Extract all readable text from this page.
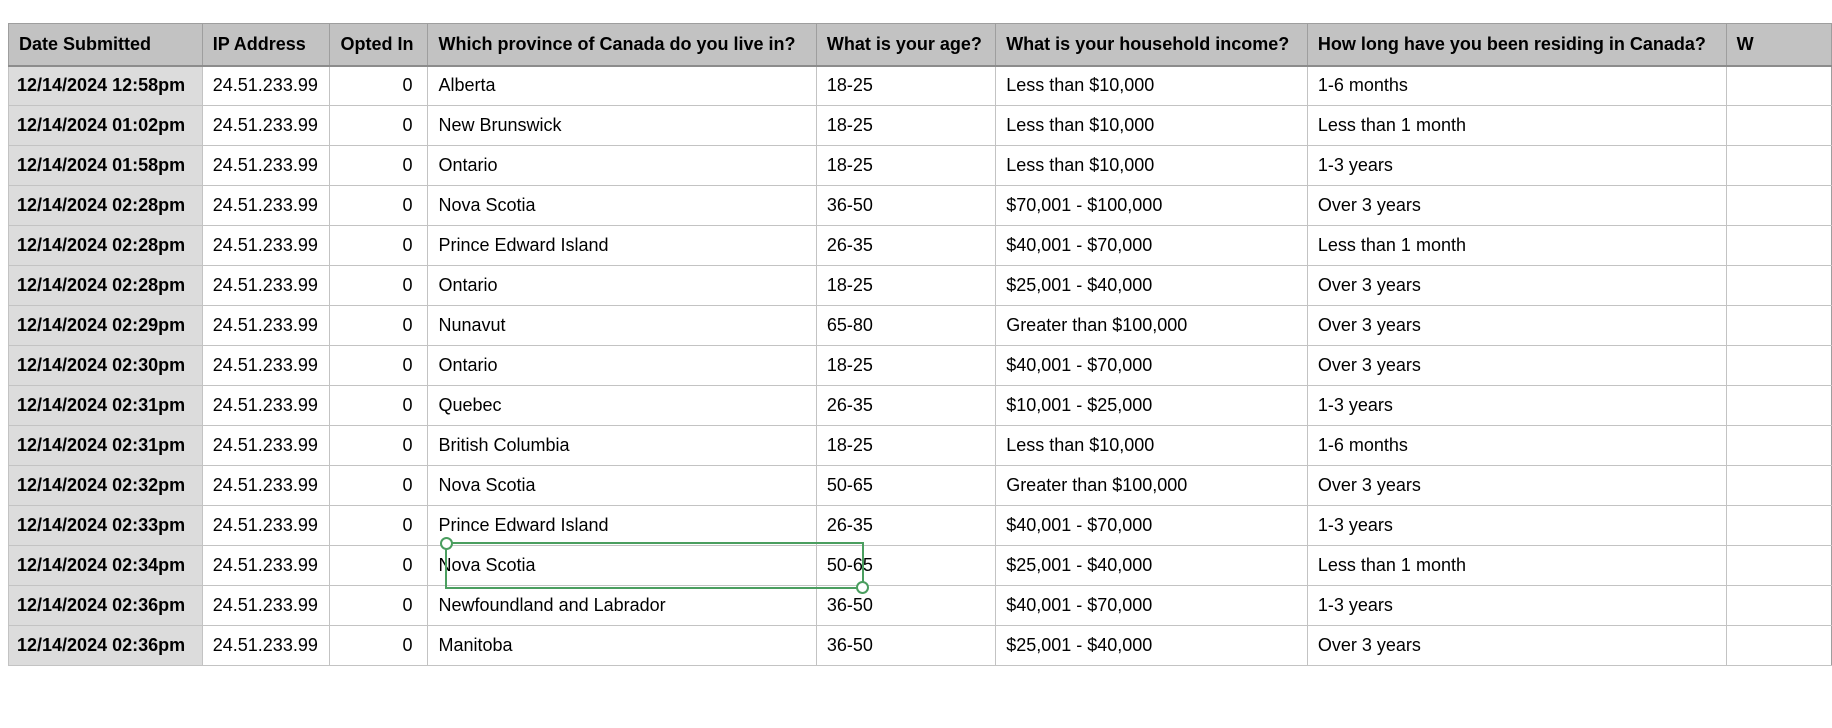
Date Submitted	IP Address	Opted In	Which province of Canada do you live in?	What is your age?	What is your household income?	How long have you been residing in Canada?	W
12/14/2024 12:58pm	24.51.233.99	0	Alberta	18-25	Less than $10,000	1-6 months	
12/14/2024 01:02pm	24.51.233.99	0	New Brunswick	18-25	Less than $10,000	Less than 1 month	
12/14/2024 01:58pm	24.51.233.99	0	Ontario	18-25	Less than $10,000	1-3 years	
12/14/2024 02:28pm	24.51.233.99	0	Nova Scotia	36-50	$70,001 - $100,000	Over 3 years	
12/14/2024 02:28pm	24.51.233.99	0	Prince Edward Island	26-35	$40,001 - $70,000	Less than 1 month	
12/14/2024 02:28pm	24.51.233.99	0	Ontario	18-25	$25,001 - $40,000	Over 3 years	
12/14/2024 02:29pm	24.51.233.99	0	Nunavut	65-80	Greater than $100,000	Over 3 years	
12/14/2024 02:30pm	24.51.233.99	0	Ontario	18-25	$40,001 - $70,000	Over 3 years	
12/14/2024 02:31pm	24.51.233.99	0	Quebec	26-35	$10,001 - $25,000	1-3 years	
12/14/2024 02:31pm	24.51.233.99	0	British Columbia	18-25	Less than $10,000	1-6 months	
12/14/2024 02:32pm	24.51.233.99	0	Nova Scotia	50-65	Greater than $100,000	Over 3 years	
12/14/2024 02:33pm	24.51.233.99	0	Prince Edward Island	26-35	$40,001 - $70,000	1-3 years	
12/14/2024 02:34pm	24.51.233.99	0	Nova Scotia	50-65	$25,001 - $40,000	Less than 1 month	
12/14/2024 02:36pm	24.51.233.99	0	Newfoundland and Labrador	36-50	$40,001 - $70,000	1-3 years	
12/14/2024 02:36pm	24.51.233.99	0	Manitoba	36-50	$25,001 - $40,000	Over 3 years	
